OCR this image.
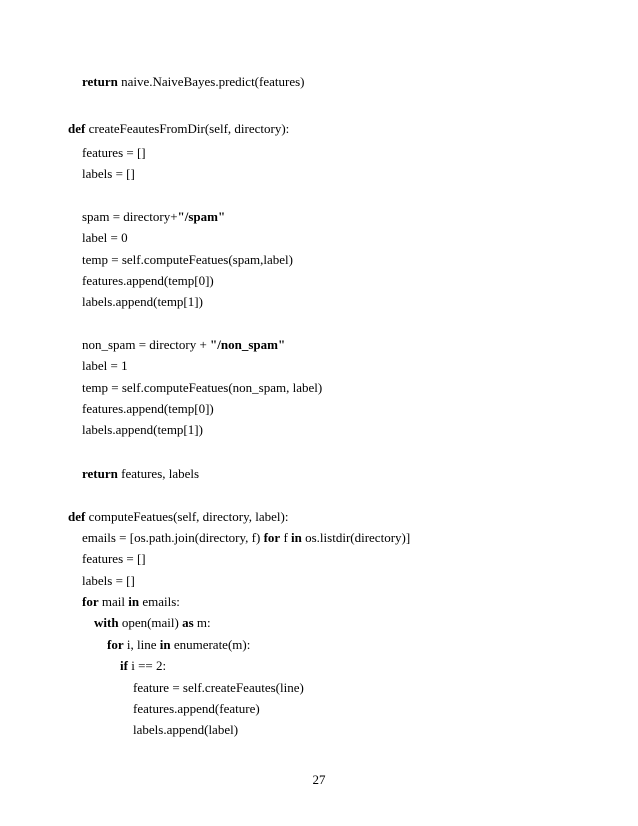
return naive.NaiveBayes.predict(features)
def createFeautesFromDir(self, directory):
features = []
labels = []
spam = directory+"/spam"
label = 0
temp = self.computeFeatues(spam,label)
features.append(temp[0])
labels.append(temp[1])
non_spam = directory + "/non_spam"
label = 1
temp = self.computeFeatues(non_spam, label)
features.append(temp[0])
labels.append(temp[1])
return features, labels
def computeFeatues(self, directory, label):
emails = [os.path.join(directory, f) for f in os.listdir(directory)]
features = []
labels = []
for mail in emails:
with open(mail) as m:
for i, line in enumerate(m):
if i == 2:
feature = self.createFeautes(line)
features.append(feature)
labels.append(label)
27
